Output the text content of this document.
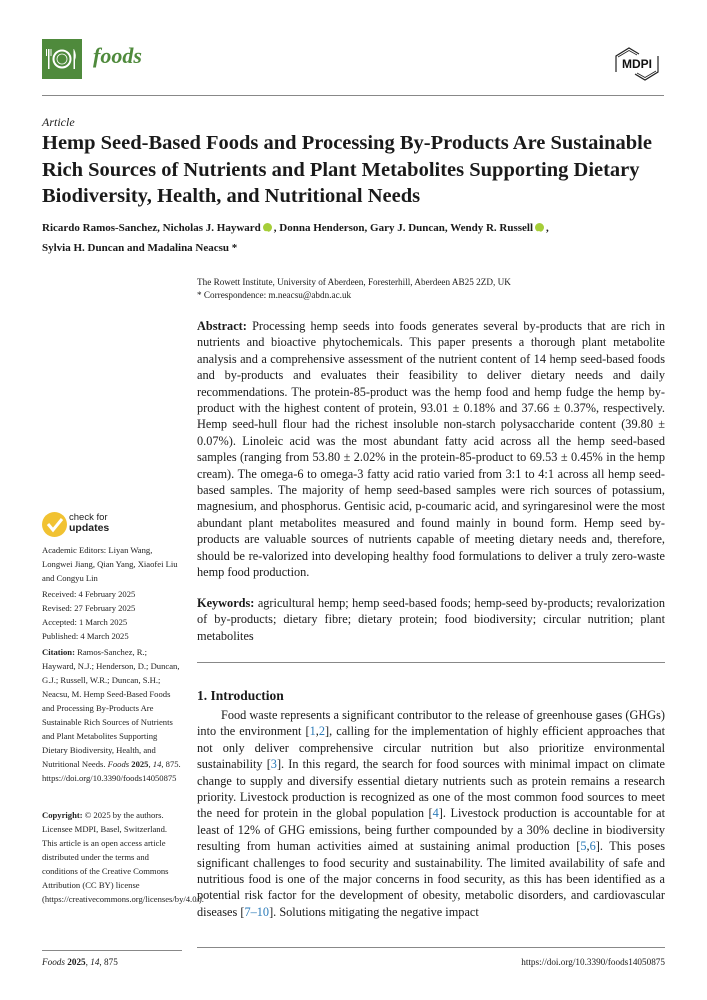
foods	MDPI
Article
Hemp Seed-Based Foods and Processing By-Products Are Sustainable Rich Sources of Nutrients and Plant Metabolites Supporting Dietary Biodiversity, Health, and Nutritional Needs
Ricardo Ramos-Sanchez, Nicholas J. Hayward iD , Donna Henderson, Gary J. Duncan, Wendy R. Russell iD ,
Sylvia H. Duncan and Madalina Neacsu *
The Rowett Institute, University of Aberdeen, Foresterhill, Aberdeen AB25 2ZD, UK
* Correspondence: m.neacsu@abdn.ac.uk
Abstract: Processing hemp seeds into foods generates several by-products that are rich in nutrients and bioactive phytochemicals. This paper presents a thorough plant metabolite analysis and a comprehensive assessment of the nutrient content of 14 hemp seed-based foods and by-products and evaluates their feasibility to deliver dietary needs and daily recommendations. The protein-85-product was the hemp food and hemp fudge the hemp by-product with the highest content of protein, 93.01 ± 0.18% and 37.66 ± 0.37%, respectively. Hemp seed-hull flour had the richest insoluble non-starch polysaccharide content (39.80 ± 0.07%). Linoleic acid was the most abundant fatty acid across all the hemp seed-based samples (ranging from 53.80 ± 2.02% in the protein-85-product to 69.53 ± 0.45% in the hemp cream). The omega-6 to omega-3 fatty acid ratio varied from 3:1 to 4:1 across all hemp seed-based samples. The majority of hemp seed-based samples were rich sources of potassium, magnesium, and phosphorus. Gentisic acid, p-coumaric acid, and syringaresinol were the most abundant plant metabolites measured and found mainly in bound form. Hemp seed by-products are valuable sources of nutrients capable of meeting dietary needs and, therefore, should be re-valorized into developing healthy food formulations to deliver a truly zero-waste hemp food production.
Keywords: agricultural hemp; hemp seed-based foods; hemp-seed by-products; revalorization of by-products; dietary fibre; dietary protein; food biodiversity; circular nutrition; plant metabolites
1. Introduction

Food waste represents a significant contributor to the release of greenhouse gases (GHGs) into the environment [1,2], calling for the implementation of highly efficient approaches that not only deliver comprehensive circular nutrition but also prioritize environmental sustainability [3]. In this regard, the search for food sources with minimal impact on climate change to supply and diversify essential dietary nutrients such as protein remains a research priority. Livestock production is recognized as one of the most common food sources to meet the need for protein in the global population [4]. Livestock production is accountable for at least of 12% of GHG emissions, being further compounded by a 30% decline in biodiversity resulting from human activities aimed at sustaining animal production [5,6]. This poses significant challenges to food security and sustainability. The limited availability of safe and nutritious food is one of the major concerns in food security, as this has been identified as a potential risk factor for the development of obesity, metabolic disorders, and cardiovascular diseases [7–10]. Solutions mitigating the negative impact

check for
updates
Academic Editors: Liyan Wang, Longwei Jiang, Qian Yang, Xiaofei Liu and Congyu Lin
Received: 4 February 2025
Revised: 27 February 2025
Accepted: 1 March 2025
Published: 4 March 2025
Citation: Ramos-Sanchez, R.; Hayward, N.J.; Henderson, D.; Duncan, G.J.; Russell, W.R.; Duncan, S.H.; Neacsu, M. Hemp Seed-Based Foods and Processing By-Products Are Sustainable Rich Sources of Nutrients and Plant Metabolites Supporting Dietary Biodiversity, Health, and Nutritional Needs. Foods 2025, 14, 875. https://doi.org/10.3390/foods14050875
Copyright: © 2025 by the authors. Licensee MDPI, Basel, Switzerland. This article is an open access article distributed under the terms and conditions of the Creative Commons Attribution (CC BY) license (https://creativecommons.org/licenses/by/4.0/).
Foods 2025, 14, 875	https://doi.org/10.3390/foods14050875
